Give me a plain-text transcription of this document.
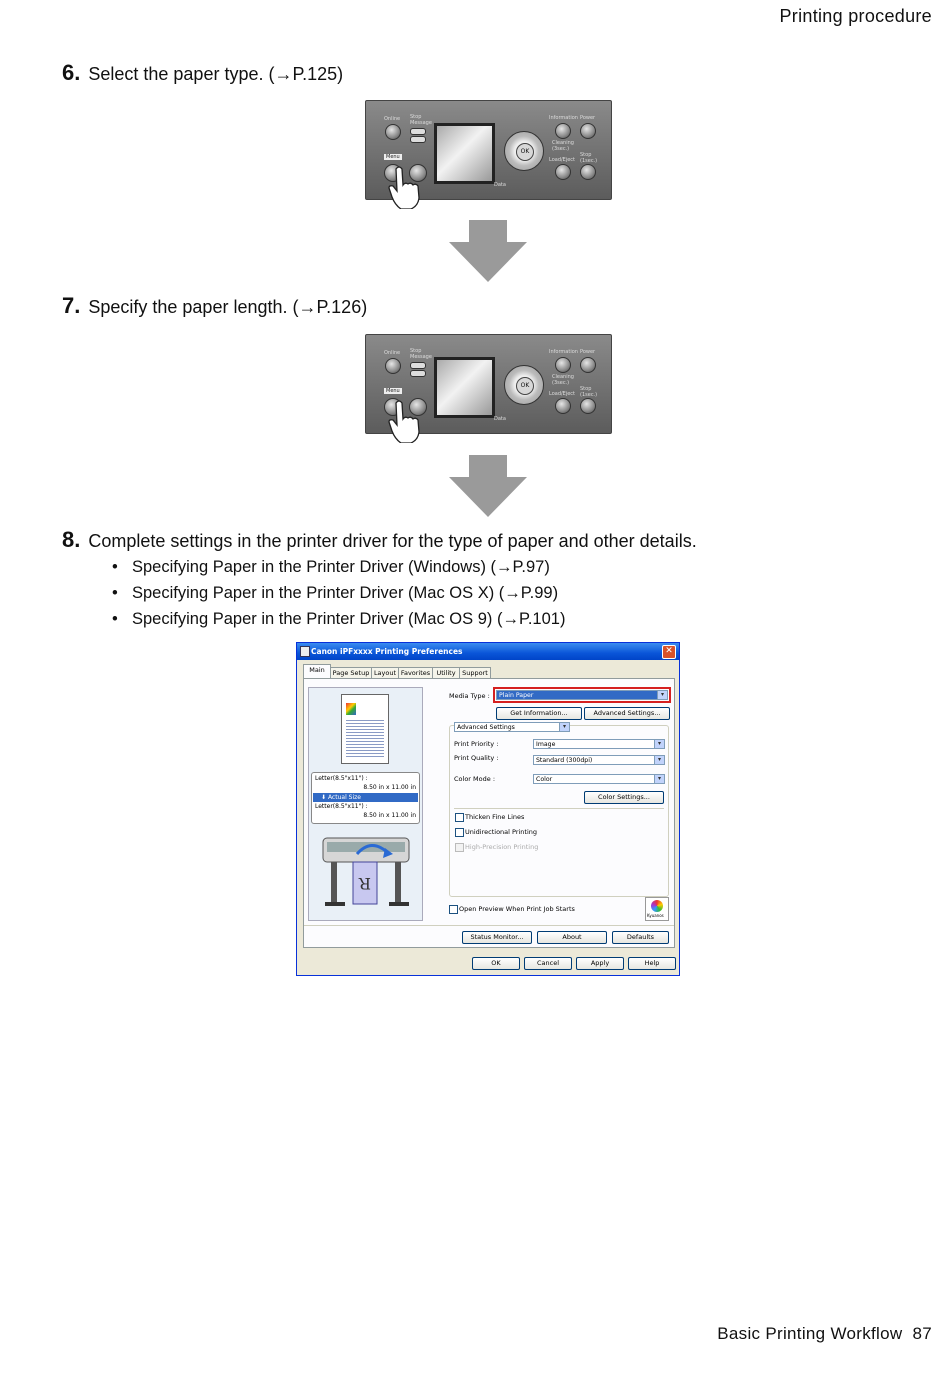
Printing procedure
6. Select the paper type. (→P.125)
Online Stop Message
Menu
Data
OK
Information Power
Cleaning (3sec.)
Load/Eject
Stop (1sec.)
7. Specify the paper length. (→P.126)
Online Stop Message
Menu
Data
OK
Information Power
Cleaning (3sec.)
Load/Eject
Stop (1sec.)
8. Complete settings in the printer driver for the type of paper and other details.
• Specifying Paper in the Printer Driver (Windows) (→P.97)
• Specifying Paper in the Printer Driver (Mac OS X) (→P.99)
• Specifying Paper in the Printer Driver (Mac OS 9) (→P.101)
Canon iPFxxxx Printing Preferences	✕
Main	Page Setup Layout Favorites Utility	Support
Letter(8.5"x11") :
8.50 in x 11.00 in
⬇ Actual Size
Letter(8.5"x11") :
8.50 in x 11.00 in
R
Media Type :	Plain Paper	▾
Get Information...	Advanced Settings...
Advanced Settings	▾
Print Priority :	Image	▾
Print Quality :	Standard (300dpi)	▾
Color Mode :	Color	▾
Color Settings...
Thicken Fine Lines
Unidirectional Printing
High-Precision Printing
Open Preview When Print Job Starts
Kyuanos
Status Monitor...	About	Defaults
OK	Cancel	Apply	Help
Basic Printing Workflow 87
